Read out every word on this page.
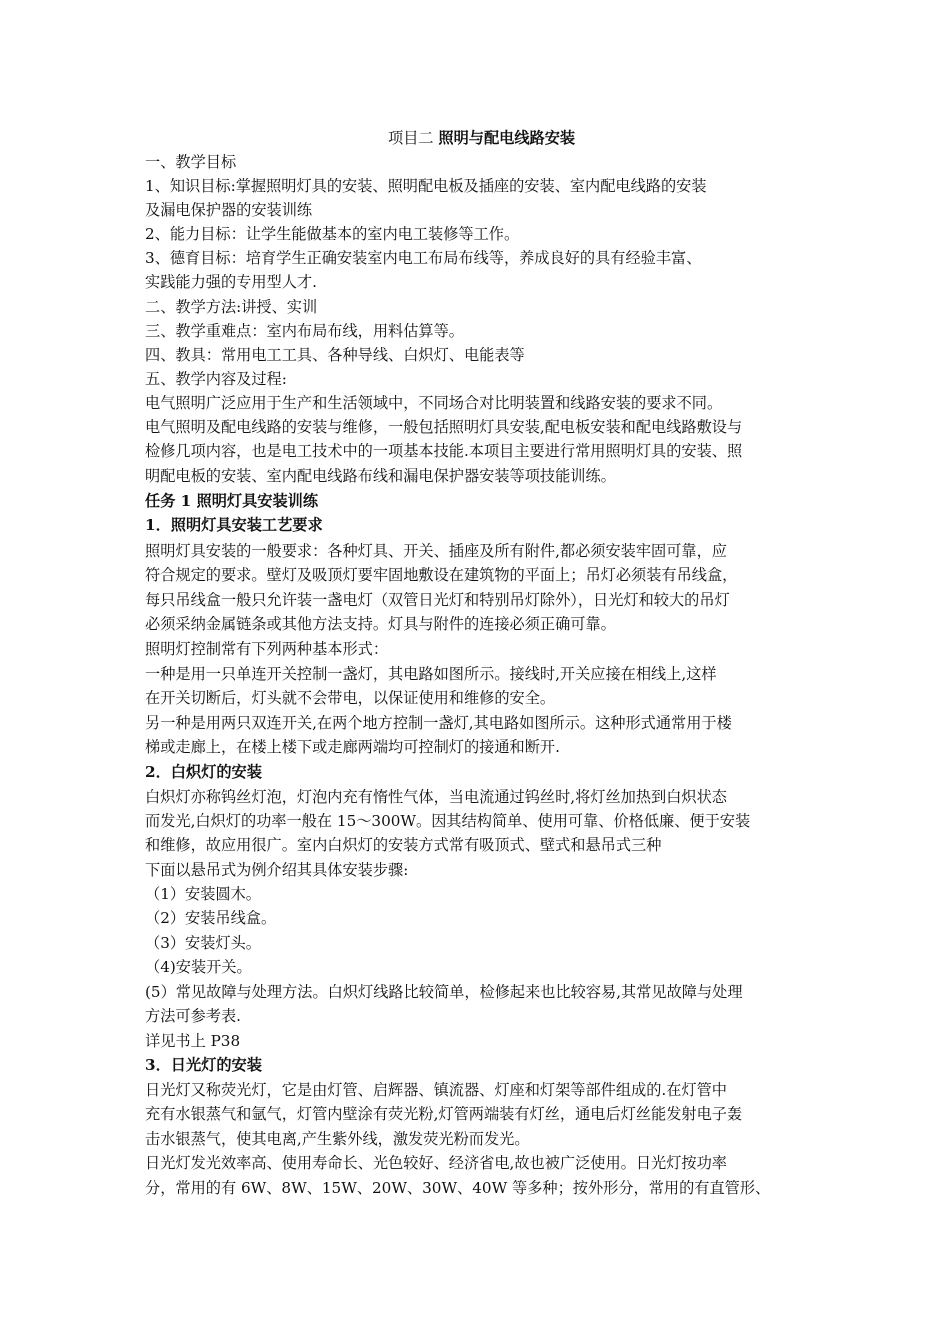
项目二 照明与配电线路安装
一、教学目标
1、知识目标:掌握照明灯具的安装、照明配电板及插座的安装、室内配电线路的安装
及漏电保护器的安装训练
2、能力目标：让学生能做基本的室内电工装修等工作。
3、德育目标：培育学生正确安装室内电工布局布线等，养成良好的具有经验丰富、
实践能力强的专用型人才.
二、教学方法:讲授、实训
三、教学重难点：室内布局布线，用料估算等。
四、教具：常用电工工具、各种导线、白炽灯、电能表等
五、教学内容及过程:
电气照明广泛应用于生产和生活领域中，不同场合对比明装置和线路安装的要求不同。
电气照明及配电线路的安装与维修，一般包括照明灯具安装,配电板安装和配电线路敷设与
检修几项内容，也是电工技术中的一项基本技能.本项目主要进行常用照明灯具的安装、照
明配电板的安装、室内配电线路布线和漏电保护器安装等项技能训练。
任务 1 照明灯具安装训练
1．照明灯具安装工艺要求
照明灯具安装的一般要求：各种灯具、开关、插座及所有附件,都必须安装牢固可靠，应
符合规定的要求。壁灯及吸顶灯要牢固地敷设在建筑物的平面上；吊灯必须装有吊线盒，
每只吊线盒一般只允许装一盏电灯（双管日光灯和特别吊灯除外），日光灯和较大的吊灯
必须采纳金属链条或其他方法支持。灯具与附件的连接必须正确可靠。
照明灯控制常有下列两种基本形式：
一种是用一只单连开关控制一盏灯，其电路如图所示。接线时,开关应接在相线上,这样
在开关切断后，灯头就不会带电，以保证使用和维修的安全。
另一种是用两只双连开关,在两个地方控制一盏灯,其电路如图所示。这种形式通常用于楼
梯或走廊上，在楼上楼下或走廊两端均可控制灯的接通和断开.
2．白炽灯的安装
白炽灯亦称钨丝灯泡，灯泡内充有惰性气体，当电流通过钨丝时,将灯丝加热到白炽状态
而发光,白炽灯的功率一般在 15～300W。因其结构简单、使用可靠、价格低廉、便于安装
和维修，故应用很广。室内白炽灯的安装方式常有吸顶式、壁式和悬吊式三种
下面以悬吊式为例介绍其具体安装步骤:
（1）安装圆木。
（2）安装吊线盒。
（3）安装灯头。
（4)安装开关。
(5）常见故障与处理方法。白炽灯线路比较简单，检修起来也比较容易,其常见故障与处理
方法可参考表.
详见书上 P38
3．日光灯的安装
日光灯又称荧光灯，它是由灯管、启辉器、镇流器、灯座和灯架等部件组成的.在灯管中
充有水银蒸气和氩气，灯管内壁涂有荧光粉,灯管两端装有灯丝，通电后灯丝能发射电子轰
击水银蒸气，使其电离,产生紫外线，激发荧光粉而发光。
日光灯发光效率高、使用寿命长、光色较好、经济省电,故也被广泛使用。日光灯按功率
分，常用的有 6W、8W、15W、20W、30W、40W 等多种；按外形分，常用的有直管形、
